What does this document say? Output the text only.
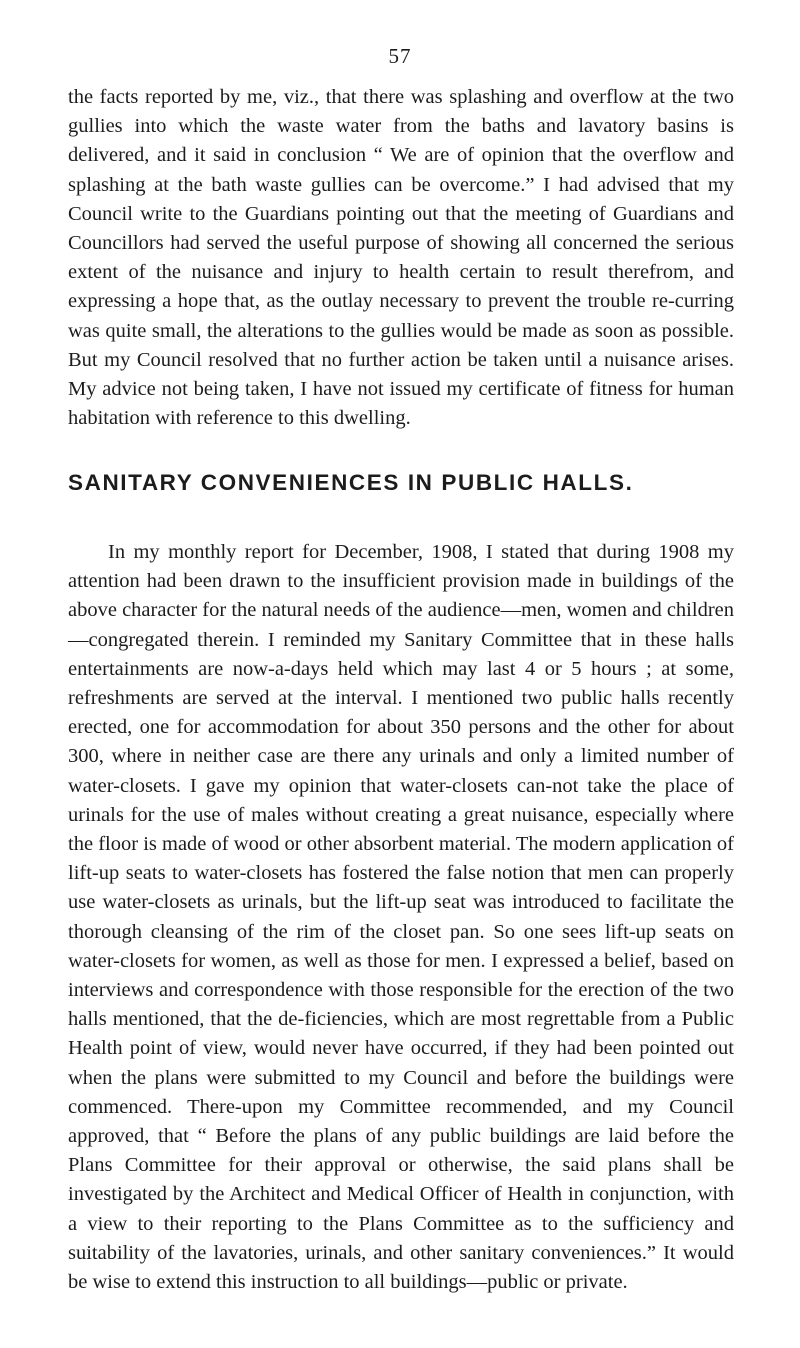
57

the facts reported by me, viz., that there was splashing and overflow at the two gullies into which the waste water from the baths and lavatory basins is delivered, and it said in conclusion “ We are of opinion that the overflow and splashing at the bath waste gullies can be overcome.” I had advised that my Council write to the Guardians pointing out that the meeting of Guardians and Councillors had served the useful purpose of showing all concerned the serious extent of the nuisance and injury to health certain to result therefrom, and expressing a hope that, as the outlay necessary to prevent the trouble re-curring was quite small, the alterations to the gullies would be made as soon as possible. But my Council resolved that no further action be taken until a nuisance arises. My advice not being taken, I have not issued my certificate of fitness for human habitation with reference to this dwelling.

SANITARY CONVENIENCES IN PUBLIC HALLS.

In my monthly report for December, 1908, I stated that during 1908 my attention had been drawn to the insufficient provision made in buildings of the above character for the natural needs of the audience—men, women and children—congregated therein. I reminded my Sanitary Committee that in these halls entertainments are now-a-days held which may last 4 or 5 hours ; at some, refreshments are served at the interval. I mentioned two public halls recently erected, one for accommodation for about 350 persons and the other for about 300, where in neither case are there any urinals and only a limited number of water-closets. I gave my opinion that water-closets can-not take the place of urinals for the use of males without creating a great nuisance, especially where the floor is made of wood or other absorbent material. The modern application of lift-up seats to water-closets has fostered the false notion that men can properly use water-closets as urinals, but the lift-up seat was introduced to facilitate the thorough cleansing of the rim of the closet pan. So one sees lift-up seats on water-closets for women, as well as those for men. I expressed a belief, based on interviews and correspondence with those responsible for the erection of the two halls mentioned, that the de-ficiencies, which are most regrettable from a Public Health point of view, would never have occurred, if they had been pointed out when the plans were submitted to my Council and before the buildings were commenced. There-upon my Committee recommended, and my Council approved, that “ Before the plans of any public buildings are laid before the Plans Committee for their approval or otherwise, the said plans shall be investigated by the Architect and Medical Officer of Health in conjunction, with a view to their reporting to the Plans Committee as to the sufficiency and suitability of the lavatories, urinals, and other sanitary conveniences.” It would be wise to extend this instruction to all buildings—public or private.
